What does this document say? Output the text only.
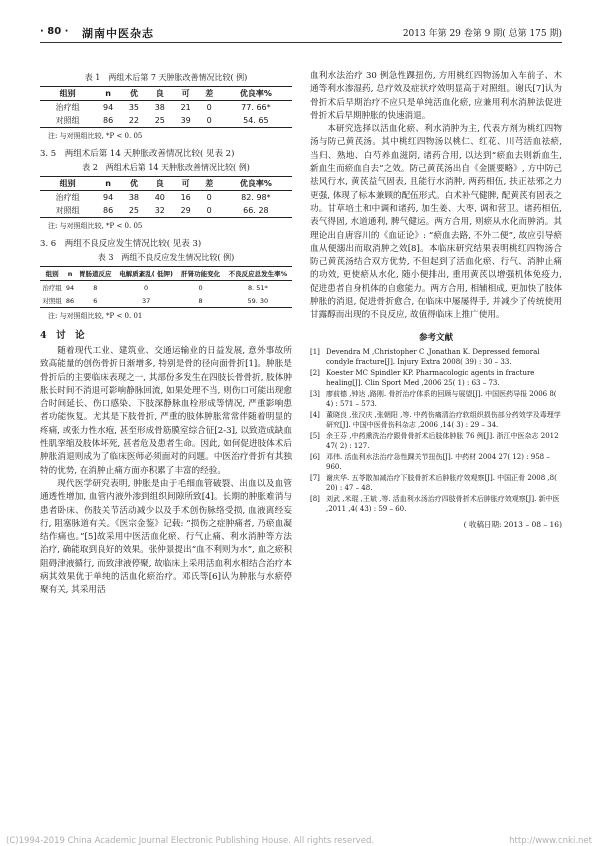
· 80 · 湖南中医杂志	2013 年第 29 卷第 9 期( 总第 175 期)
表 1　两组术后第 7 天肿胀改善情况比较( 例)
组别	n	优	良	可	差	优良率%
治疗组	94	35	38	21	0	77. 66*
对照组	86	22	25	39	0	54. 65
注: 与对照组比较, *P < 0. 05
3. 5　两组术后第 14 天肿胀改善情况比较( 见表 2)
表 2　两组术后第 14 天肿胀改善情况比较( 例)
组别	n	优	良	可	差	优良率%
治疗组	94	38	40	16	0	82. 98*
对照组	86	25	32	29	0	66. 28
注: 与对照组比较, *P < 0. 05
3. 6　两组不良反应发生情况比较( 见表 3)
表 3　两组不良反应发生情况比较( 例)
组别	n	胃肠道反应	电解质紊乱( 低钾)	肝肾功能变化	不良反应总发生率%
治疗组	94	8	0	0	8. 51*
对照组	86	6	37	8	59. 30
注: 与对照组比较, *P < 0. 01
4　讨　论

随着现代工业、建筑业、交通运输业的日益发展, 意外事故所致高能量的创伤骨折日渐增多, 特别是骨的径向面骨折[1]。肿胀是骨折后的主要临床表现之一, 其部份多发生在四肢长骨骨折, 肢体肿胀长时间不消退可影响静脉回流, 如果处理不当, 则伤口可能出现愈合时间延长、伤口感染、下肢深静脉血栓形成等情况, 严重影响患者功能恢复。尤其是下肢骨折, 严重的肢体肿胀常常伴随着明显的疼痛, 或张力性水疱, 甚至形成骨筋膜室综合征[2-3], 以致造成缺血性肌挛缩及肢体坏死, 甚者危及患者生命。因此, 如何促进肢体术后肿胀消退则成为了临床医师必须面对的问题。中医治疗骨折有其独特的优势, 在消肿止痛方面亦积累了丰富的经验。

现代医学研究表明, 肿胀是由于毛细血管破裂、出血以及血管通透性增加, 血管内液外渗到组织间隙所致[4]。长期的肿胀难消与患者卧床、伤肢关节活动减少以及手术创伤脉络受损, 血液离经妄行, 阻塞脉道有关。《医宗金鉴》记载: “损伤之症肿痛者, 乃瘀血凝结作痛也。”[5]故采用中医活血化瘀、行气止痛、利水消肿等方法治疗, 确能取到良好的效果。张仲景提出“血不利则为水”, 血之瘀积阻碍津液循行, 而致津液停聚, 故临床上采用活血利水相结合治疗本病其效果优于单纯的活血化瘀治疗。邓氏等[6]认为肿胀与水瘀停聚有关, 其采用活

血利水法治疗 30 例急性踝扭伤, 方用桃红四物汤加入车前子、木通等利水渗湿药, 总疗效及症状疗效明显高于对照组。谢氏[7]认为骨折术后早期治疗不应只是单纯活血化瘀, 应兼用利水消肿法促进骨折术后早期肿胀的快速消退。

本研究选择以活血化瘀、利水消肿为主, 代表方剂为桃红四物汤与防己黄芪汤。其中桃红四物汤以桃仁、红花、川芎活血祛瘀, 当归、熟地、白芍养血滋阴, 诸药合用, 以达到“瘀血去则新血生, 新血生而瘀血自去”之效。防己黄芪汤出自《金匮要略》, 方中防己祛风行水, 黄芪益气固表, 且能行水消肿, 两药相伍, 扶正祛邪之力更强, 体现了标本兼顾的配伍形式。白术补气健脾, 配黄芪有固表之功。甘草培土和中调和诸药, 加生姜、大枣, 调和营卫。诸药相伍, 表气得固, 水道通利, 脾气健运。两方合用, 则瘀从水化而肿消。其理论出自唐容川的《血证论》: “瘀血去路, 不外二便”, 故应引导瘀血从便溺出而取消肿之效[8]。本临床研究结果表明桃红四物汤合防己黄芪汤结合双方优势, 不但起到了活血化瘀、行气、消肿止痛的功效, 更使瘀从水化, 随小便排出, 重用黄芪以增强机体免疫力, 促进患者自身机体的自愈能力。两方合用, 相辅相成, 更加快了肢体肿胀的消退, 促进骨折愈合, 在临床中屡屡得手, 并减少了传统使用甘露醇而出现的不良反应, 故值得临床上推广使用。

参考文献

[1] Devendra M ,Christopher C ,Jonathan K. Depressed femoral condyle fracture[J]. Injury Extra 2008( 39) : 30 – 33.

[2] Koester MC Spindler KP. Pharmacologic agents in fracture healing[J]. Clin Sport Med ,2006 25( 1) : 63 – 73.

[3] 廖前德 ,钟达 ,路刚. 骨折治疗体系的回顾与展望[J]. 中国医药导报 2006 8( 4) : 571 – 573.

[4] 董晓良 ,张汉庆 ,张朝阳 ,等. 中药伤痛清治疗软组织损伤部分药效学及毒理学研究[J]. 中国中医骨伤科杂志 ,2006 ,14( 3) : 29 – 34.

[5] 余王芬 ,中药熏洗治疗跟骨骨折术后肢体肿胀 76 例[J]. 浙江中医杂志 2012 47( 2) : 127.

[6] 邓伟. 活血利水法治疗急性踝关节扭伤[J]. 中药材 2004 27( 12) : 958 – 960.

[7] 谢庆华. 五苓散加减治疗下肢骨折术后肿胀疗效观察[J]. 中国正骨 2008 ,8( 20) : 47 – 48.

[8] 刘武 ,米琨 ,王斌 ,等. 活血利水汤治疗四肢骨折术后肿胀疗效观察[J]. 新中医 ,2011 ,4( 43) : 59 – 60.

( 收稿日期: 2013 – 08 – 16)
(C)1994-2019 China Academic Journal Electronic Publishing House. All rights reserved.	http://www.cnki.net
